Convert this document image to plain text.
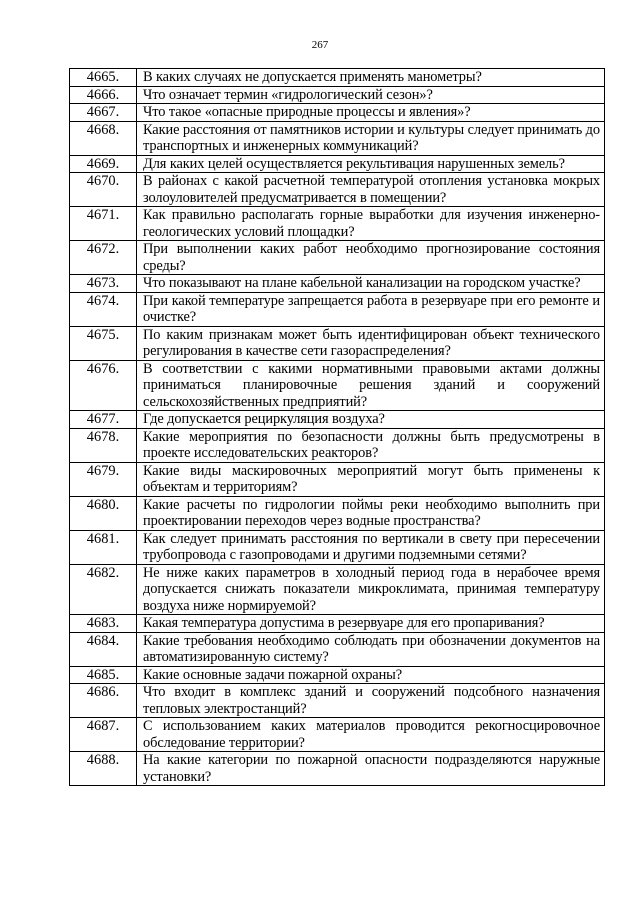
267
4665.	В каких случаях не допускается применять манометры?
4666.	Что означает термин «гидрологический сезон»?
4667.	Что такое «опасные природные процессы и явления»?
4668.	Какие расстояния от памятников истории и культуры следует принимать до транспортных и инженерных коммуникаций?
4669.	Для каких целей осуществляется рекультивация нарушенных земель?
4670.	В районах с какой расчетной температурой отопления установка мокрых золоуловителей предусматривается в помещении?
4671.	Как правильно располагать горные выработки для изучения инженерно-геологических условий площадки?
4672.	При выполнении каких работ необходимо прогнозирование состояния среды?
4673.	Что показывают на плане кабельной канализации на городском участке?
4674.	При какой температуре запрещается работа в резервуаре при его ремонте и очистке?
4675.	По каким признакам может быть идентифицирован объект технического регулирования в качестве сети газораспределения?
4676.	В соответствии с какими нормативными правовыми актами должны приниматься планировочные решения зданий и сооружений сельскохозяйственных предприятий?
4677.	Где допускается рециркуляция воздуха?
4678.	Какие мероприятия по безопасности должны быть предусмотрены в проекте исследовательских реакторов?
4679.	Какие виды маскировочных мероприятий могут быть применены к объектам и территориям?
4680.	Какие расчеты по гидрологии поймы реки необходимо выполнить при проектировании переходов через водные пространства?
4681.	Как следует принимать расстояния по вертикали в свету при пересечении трубопровода с газопроводами и другими подземными сетями?
4682.	Не ниже каких параметров в холодный период года в нерабочее время допускается снижать показатели микроклимата, принимая температуру воздуха ниже нормируемой?
4683.	Какая температура допустима в резервуаре для его пропаривания?
4684.	Какие требования необходимо соблюдать при обозначении документов на автоматизированную систему?
4685.	Какие основные задачи пожарной охраны?
4686.	Что входит в комплекс зданий и сооружений подсобного назначения тепловых электростанций?
4687.	С использованием каких материалов проводится рекогносцировочное обследование территории?
4688.	На какие категории по пожарной опасности подразделяются наружные установки?
